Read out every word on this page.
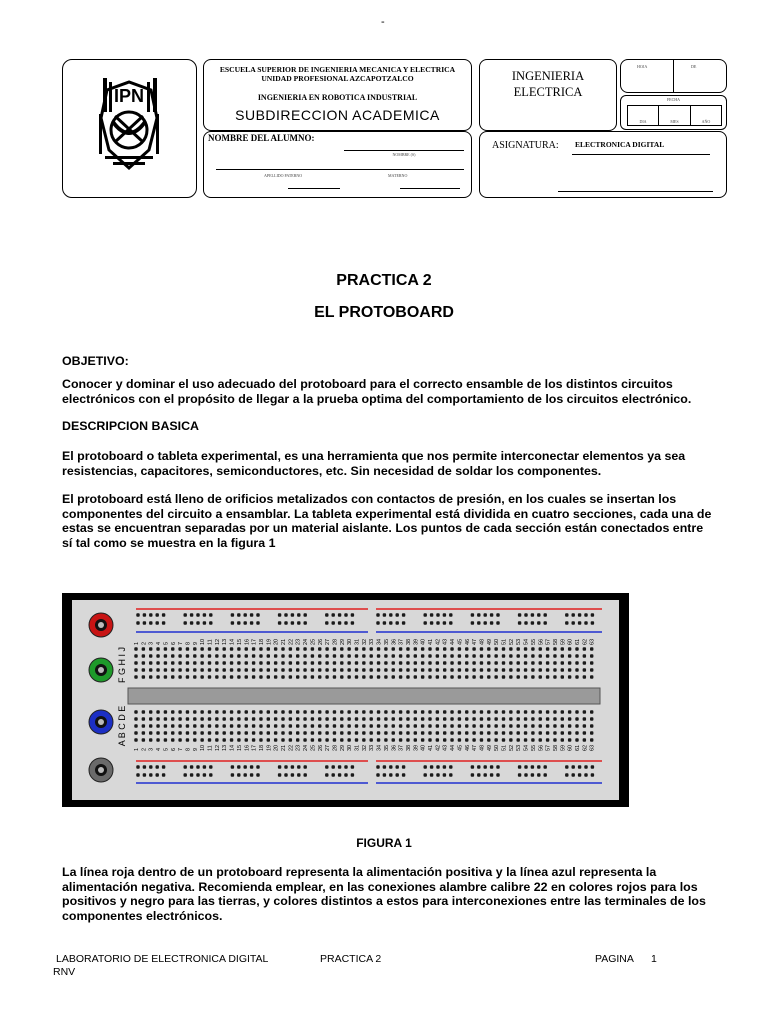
-
IPN
ESCUELA SUPERIOR DE INGENIERIA MECANICA Y ELECTRICA
UNIDAD PROFESIONAL AZCAPOTZALCO
INGENIERIA EN ROBOTICA INDUSTRIAL
SUBDIRECCION ACADEMICA
INGENIERIA
ELECTRICA
HOJA	DE
FECHA
DIA	MES	AÑO
NOMBRE DEL ALUMNO:
NOMBRE (S)
APELLIDO PATERNO	MATERNO
ASIGNATURA: ELECTRONICA DIGITAL
PRACTICA 2
EL PROTOBOARD
OBJETIVO:
Conocer y dominar el uso adecuado del protoboard para el correcto ensamble de los distintos circuitos electrónicos con el propósito de llegar a la prueba optima del comportamiento de los circuitos electrónico.
DESCRIPCION BASICA
El protoboard o tableta experimental, es una herramienta que nos permite interconectar elementos ya sea resistencias, capacitores, semiconductores, etc. Sin necesidad de soldar los componentes.
El protoboard está lleno de orificios metalizados con contactos de presión, en los cuales se insertan los componentes del circuito a ensamblar. La tableta experimental está dividida en cuatro secciones, cada una de estas se encuentran separadas por un material aislante. Los puntos de cada sección están conectados entre sí tal como se muestra en la figura 1
1
1
2
2
3
3
4
4
5
5
6
6
7
7
8
8
9
9
10
10
11
11
12
12
13
13
14
14
15
15
16
16
17
17
18
18
19
19
20
20
21
21
22
22
23
23
24
24
25
25
26
26
27
27
28
28
29
29
30
30
31
31
32
32
33
33
34
34
35
35
36
36
37
37
38
38
39
39
40
40
41
41
42
42
43
43
44
44
45
45
46
46
47
47
48
48
49
49
50
50
51
51
52
52
53
53
54
54
55
55
56
56
57
57
58
58
59
59
60
60
61
61
62
62
63
63
F G H I J
A B C D E
FIGURA 1
La línea roja dentro de un protoboard representa la alimentación positiva y la línea azul representa la alimentación negativa. Recomienda emplear, en las conexiones alambre calibre 22 en colores rojos para los positivos y negro para las tierras, y colores distintos a estos para interconexiones entre las terminales de los componentes electrónicos.
LABORATORIO DE ELECTRONICA DIGITAL	PRACTICA 2	PAGINA 1
RNV
